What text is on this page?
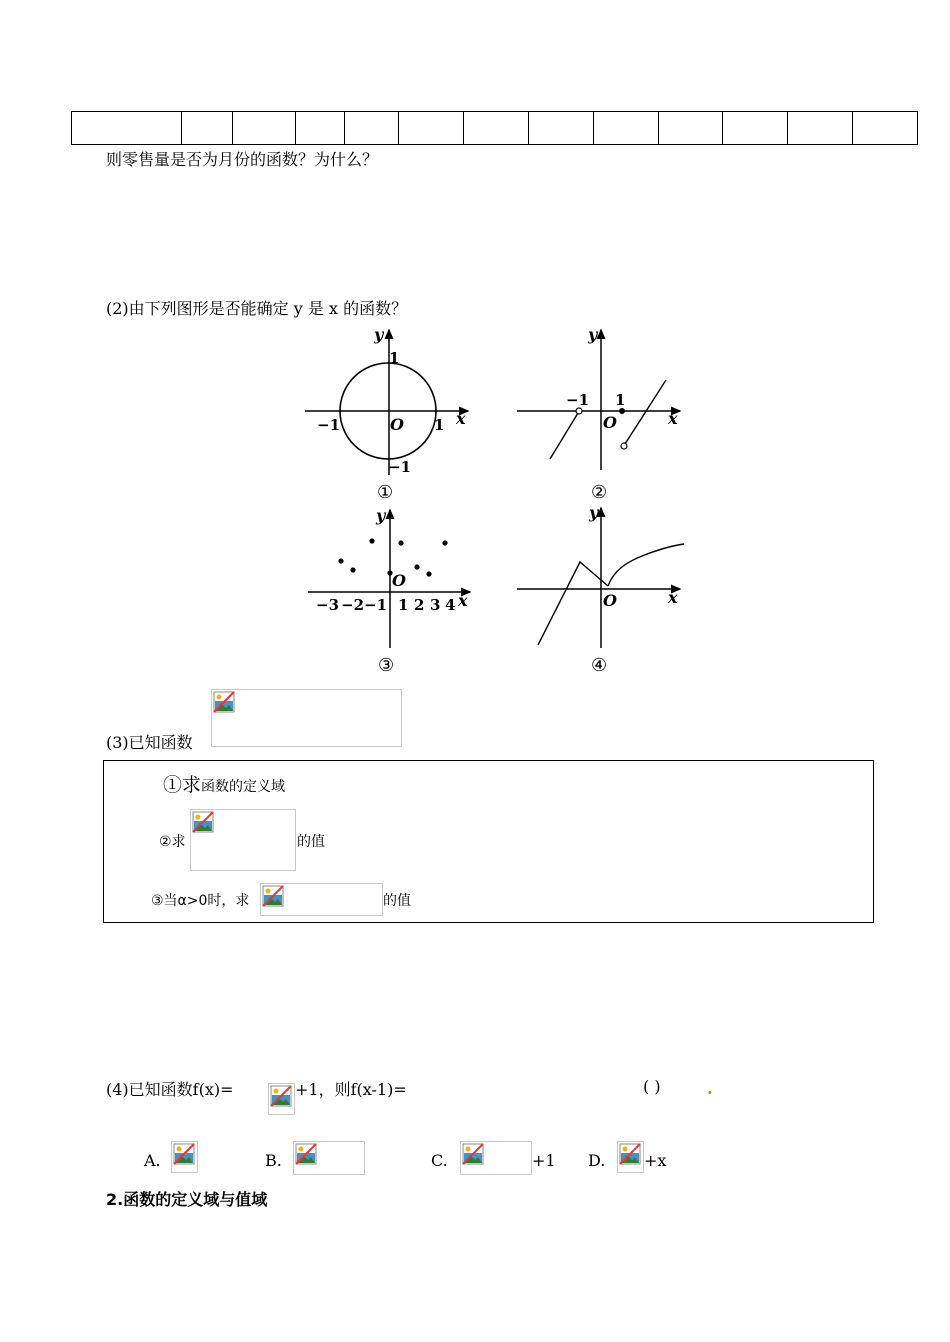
则零售量是否为月份的函数？为什么？
(2)由下列图形是否能确定 y 是 x 的函数？
y
x
1
−1	1
−1
O
①
y
x
−1 1
O
②
y
x
O
−3 −2 −1 1 2 3 4
③
y
x
O
④
(3)已知函数
①求函数的定义域
②求	的值
③当α>0时，求	的值
(4)已知函数f(x)=	+1，则f(x-1)=	( )	.
A.	B.	C.	+1 D. +x
2.函数的定义域与值域
